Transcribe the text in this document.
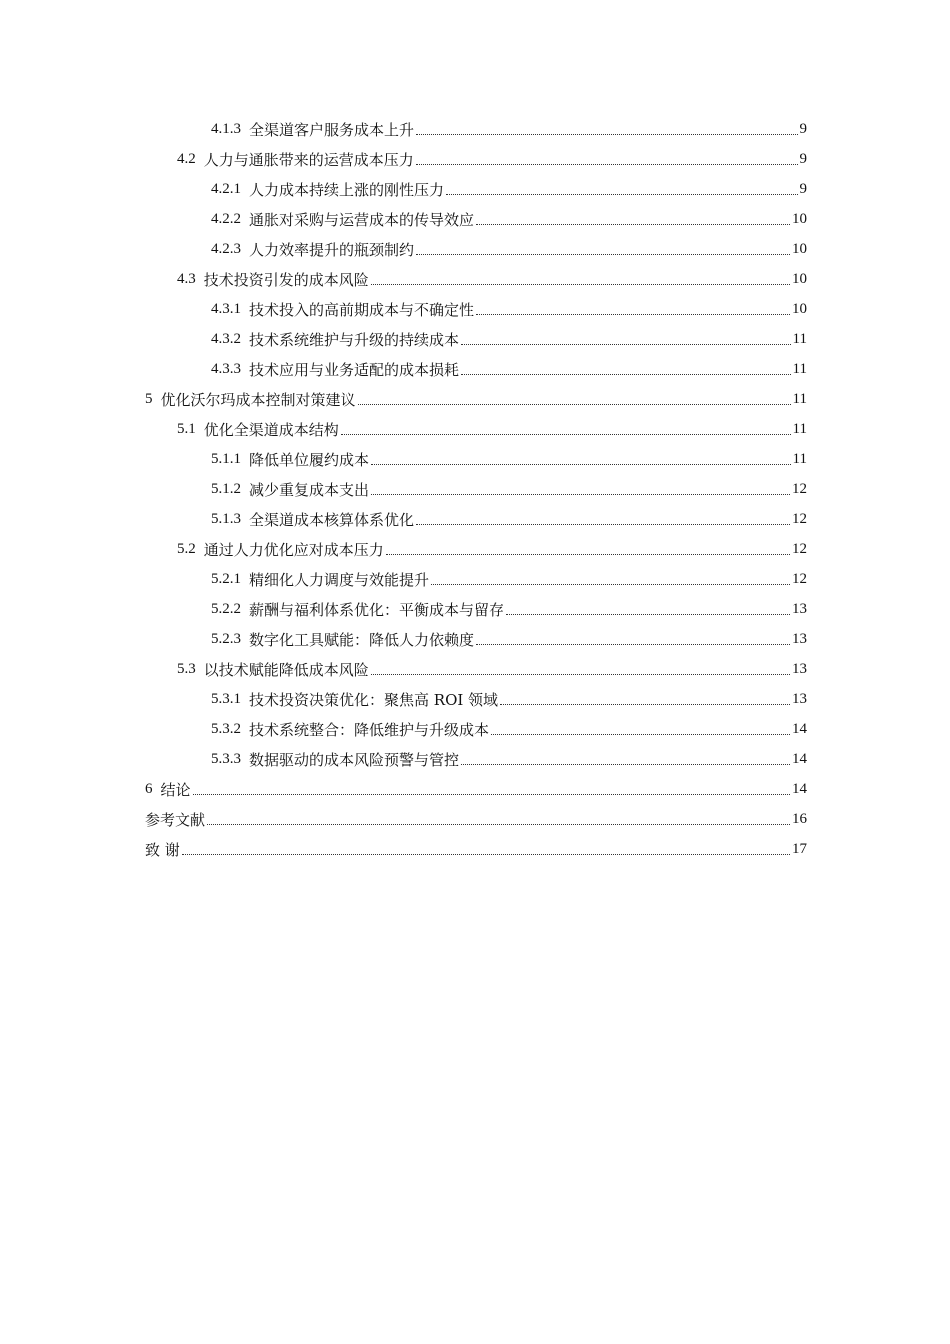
4.1.3 全渠道客户服务成本上升	9
4.2 人力与通胀带来的运营成本压力	9
4.2.1 人力成本持续上涨的刚性压力	9
4.2.2 通胀对采购与运营成本的传导效应	10
4.2.3 人力效率提升的瓶颈制约	10
4.3 技术投资引发的成本风险	10
4.3.1 技术投入的高前期成本与不确定性	10
4.3.2 技术系统维护与升级的持续成本	11
4.3.3 技术应用与业务适配的成本损耗	11
5 优化沃尔玛成本控制对策建议	11
5.1 优化全渠道成本结构	11
5.1.1 降低单位履约成本	11
5.1.2 减少重复成本支出	12
5.1.3 全渠道成本核算体系优化	12
5.2 通过人力优化应对成本压力	12
5.2.1 精细化人力调度与效能提升	12
5.2.2 薪酬与福利体系优化：平衡成本与留存	13
5.2.3 数字化工具赋能：降低人力依赖度	13
5.3 以技术赋能降低成本风险	13
5.3.1 技术投资决策优化：聚焦高 ROI 领域	13
5.3.2 技术系统整合：降低维护与升级成本	14
5.3.3 数据驱动的成本风险预警与管控	14
6 结论	14
参考文献	16
致 谢	17
